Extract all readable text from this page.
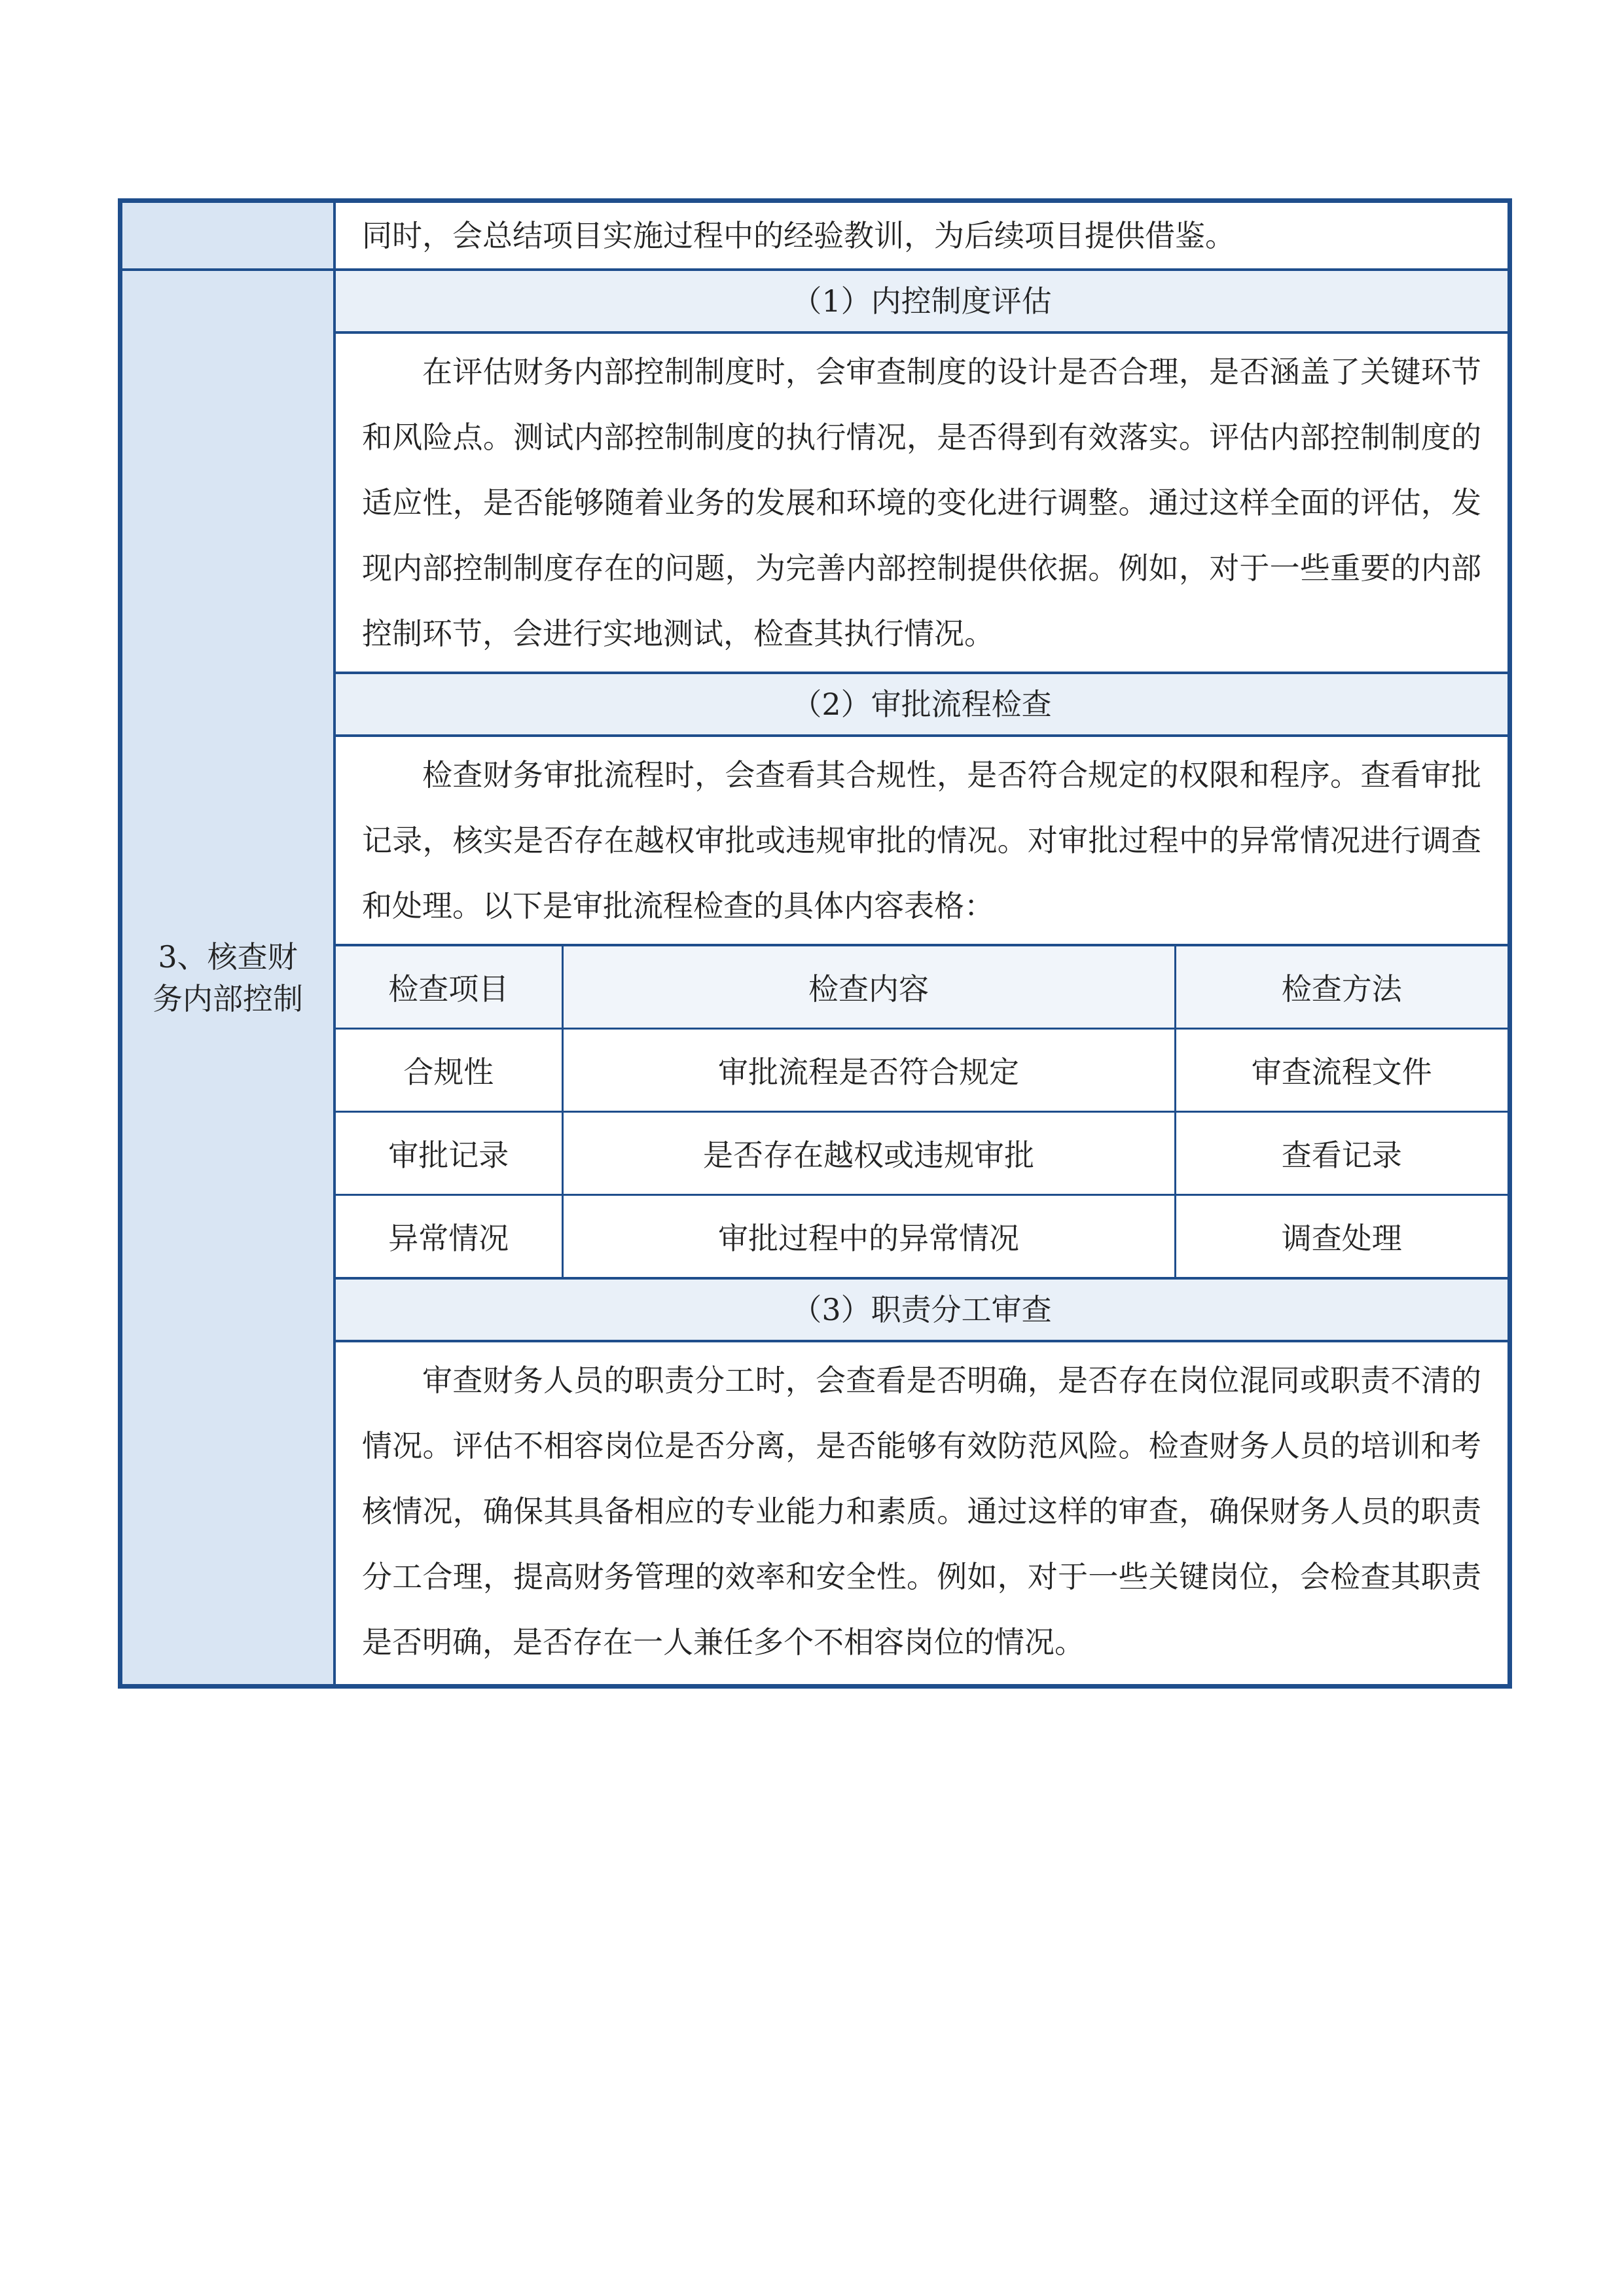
同时，会总结项目实施过程中的经验教训，为后续项目提供借鉴。

3、核查财务内部控制

（1）内控制度评估
在评估财务内部控制制度时，会审查制度的设计是否合理，是否涵盖了关键环节和风险点。测试内部控制制度的执行情况，是否得到有效落实。评估内部控制制度的适应性，是否能够随着业务的发展和环境的变化进行调整。通过这样全面的评估，发现内部控制制度存在的问题，为完善内部控制提供依据。例如，对于一些重要的内部控制环节，会进行实地测试，检查其执行情况。
（2）审批流程检查
检查财务审批流程时，会查看其合规性，是否符合规定的权限和程序。查看审批记录，核实是否存在越权审批或违规审批的情况。对审批过程中的异常情况进行调查和处理。以下是审批流程检查的具体内容表格：
检查项目	检查内容	检查方法
合规性	审批流程是否符合规定	审查流程文件
审批记录	是否存在越权或违规审批	查看记录
异常情况	审批过程中的异常情况	调查处理
（3）职责分工审查
审查财务人员的职责分工时，会查看是否明确，是否存在岗位混同或职责不清的情况。评估不相容岗位是否分离，是否能够有效防范风险。检查财务人员的培训和考核情况，确保其具备相应的专业能力和素质。通过这样的审查，确保财务人员的职责分工合理，提高财务管理的效率和安全性。例如，对于一些关键岗位，会检查其职责是否明确，是否存在一人兼任多个不相容岗位的情况。
